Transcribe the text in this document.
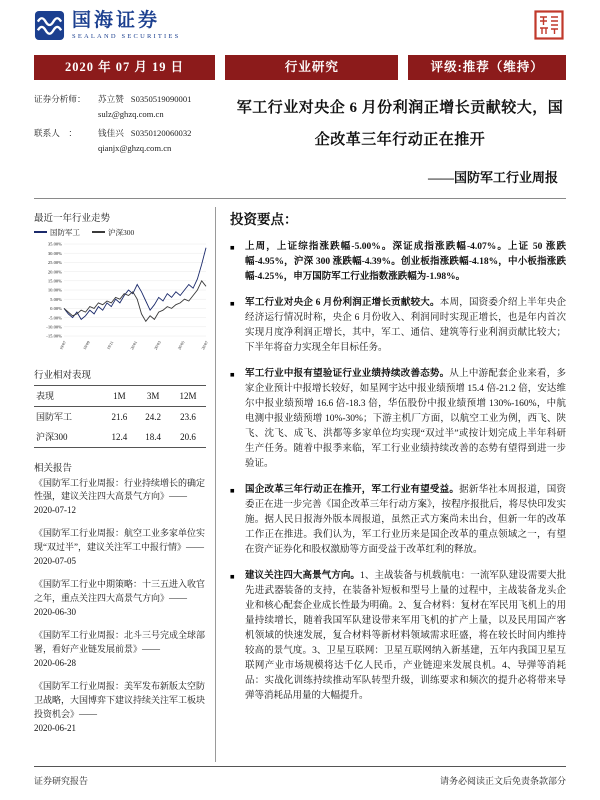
国海证券
SEALAND SECURITIES
2020 年 07 月 19 日	行业研究	评级:推荐（维持）
证券分析师：	苏立赞 S0350519090001
sulz@ghzq.com.cn
联系人　：	钱佳兴 S0350120060032
qianjx@ghzq.com.cn
军工行业对央企 6 月份利润正增长贡献较大，国企改革三年行动正在推开
——国防军工行业周报
最近一年行业走势
国防军工	沪深300
35.00%
30.00%
25.00%
20.00%
15.00%
10.00%
5.00%
0.00%
-5.00%
-10.00%
-15.00%
19/07	19/09	19/11	20/01	20/03	20/05	20/07
行业相对表现
表现	1M	3M	12M
国防军工	21.6	24.2	23.6
沪深300	12.4	18.4	20.6
相关报告
《国防军工行业周报：行业持续增长的确定性强，建议关注四大高景气方向》——
2020-07-12
《国防军工行业周报：航空工业多家单位实现“双过半”，建议关注军工中报行情》——
2020-07-05
《国防军工行业中期策略：十三五进入收官之年，重点关注四大高景气方向》——
2020-06-30
《国防军工行业周报：北斗三号完成全球部署，看好产业链发展前景》——
2020-06-28
《国防军工行业周报：美军发布新版太空防卫战略，大国博弈下建议持续关注军工板块投资机会》——
2020-06-21
投资要点：
■	上周，上证综指涨跌幅-5.00%。深证成指涨跌幅-4.07%。上证 50 涨跌幅-4.95%，沪深 300 涨跌幅-4.39%。创业板指涨跌幅-4.18%，中小板指涨跌幅-4.25%，申万国防军工行业指数涨跌幅为-1.98%。
■	军工行业对央企 6 月份利润正增长贡献较大。本周，国资委介绍上半年央企经济运行情况时称，央企 6 月份收入、利润同时实现正增长，也是年内首次实现月度净利润正增长，其中，军工、通信、建筑等行业利润贡献比较大；下半年将奋力实现全年目标任务。
■	军工行业中报有望验证行业业绩持续改善态势。从上中游配套企业来看，多家企业预计中报增长较好，如星网宇达中报业绩预增 15.4 倍-21.2 倍，安达维尔中报业绩预增 16.6 倍-18.3 倍，华伍股份中报业绩预增 130%-160%，中航电测中报业绩预增 10%-30%；下游主机厂方面，以航空工业为例，西飞、陕飞、沈飞、成飞、洪都等多家单位均实现“双过半”或按计划完成上半年科研生产任务。随着中报季来临，军工行业业绩持续改善的态势有望得到进一步验证。
■	国企改革三年行动正在推开，军工行业有望受益。据新华社本周报道，国资委正在进一步完善《国企改革三年行动方案》，按程序报批后，将尽快印发实施。据人民日报海外版本周报道，虽然正式方案尚未出台，但新一年的改革工作正在推进。我们认为，军工行业历来是国企改革的重点领域之一，有望在资产证券化和股权激励等方面受益于改革红利的释放。
■	建议关注四大高景气方向。1、主战装备与机载航电：一流军队建设需要大批先进武器装备的支持，在装备补短板和型号上量的过程中，主战装备龙头企业和核心配套企业成长性最为明确。2、复合材料：复材在军民用飞机上的用量持续增长，随着我国军队建设带来军用飞机的扩产上量，以及民用国产客机领域的快速发展，复合材料等新材料领域需求旺盛，将在较长时间内维持较高的景气度。3、卫星互联网：卫星互联网纳入新基建，五年内我国卫星互联网产业市场规模将达千亿人民币，产业链迎来发展良机。4、导弹等消耗品：实战化训练持续推动军队转型升级，训练要求和频次的提升必将带来导弹等消耗品用量的大幅提升。
证券研究报告	请务必阅读正文后免责条款部分
